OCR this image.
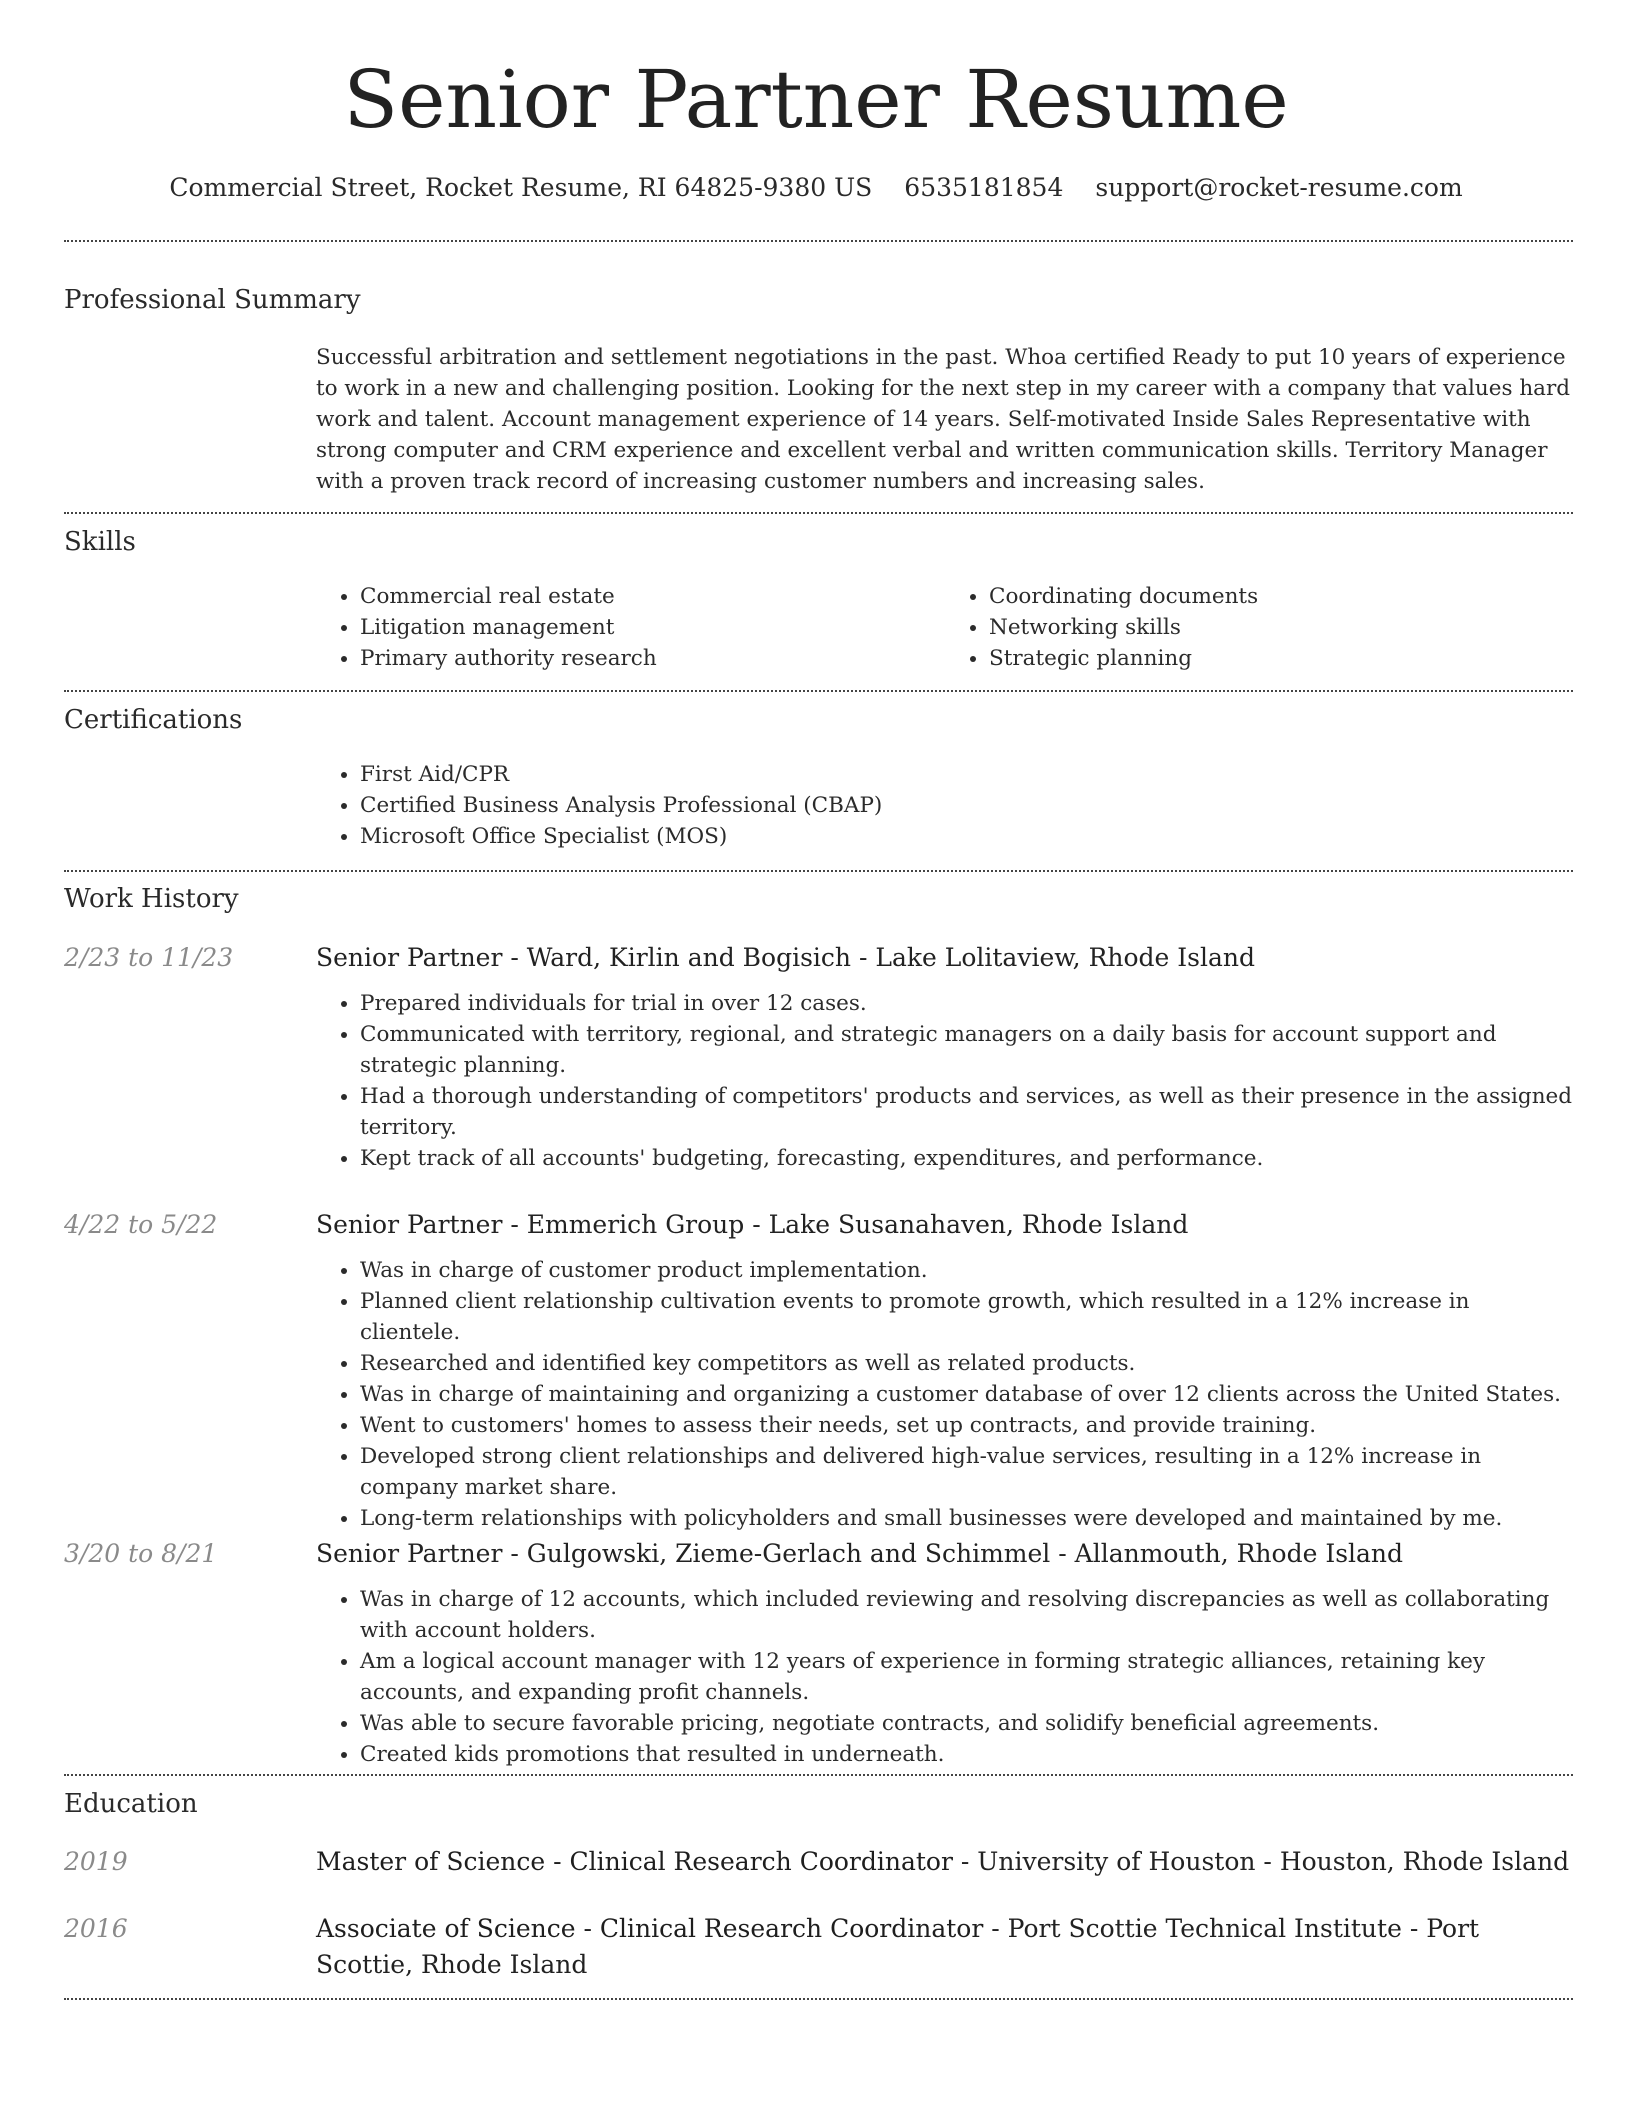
Senior Partner Resume
Commercial Street, Rocket Resume, RI 64825-9380 US 6535181854 support@rocket-resume.com
Professional Summary

Successful arbitration and settlement negotiations in the past. Whoa certified Ready to put 10 years of experience to work in a new and challenging position. Looking for the next step in my career with a company that values hard work and talent. Account management experience of 14 years. Self-motivated Inside Sales Representative with strong computer and CRM experience and excellent verbal and written communication skills. Territory Manager with a proven track record of increasing customer numbers and increasing sales.

Skills
• Commercial real estate
• Litigation management
• Primary authority research
• Coordinating documents
• Networking skills
• Strategic planning
Certifications
• First Aid/CPR
• Certified Business Analysis Professional (CBAP)
• Microsoft Office Specialist (MOS)
Work History
2/23 to 11/23	Senior Partner - Ward, Kirlin and Bogisich - Lake Lolitaview, Rhode Island

• Prepared individuals for trial in over 12 cases.
• Communicated with territory, regional, and strategic managers on a daily basis for account support and strategic planning.
• Had a thorough understanding of competitors' products and services, as well as their presence in the assigned territory.
• Kept track of all accounts' budgeting, forecasting, expenditures, and performance.
4/22 to 5/22	Senior Partner - Emmerich Group - Lake Susanahaven, Rhode Island

• Was in charge of customer product implementation.
• Planned client relationship cultivation events to promote growth, which resulted in a 12% increase in clientele.
• Researched and identified key competitors as well as related products.
• Was in charge of maintaining and organizing a customer database of over 12 clients across the United States.
• Went to customers' homes to assess their needs, set up contracts, and provide training.
• Developed strong client relationships and delivered high-value services, resulting in a 12% increase in company market share.
• Long-term relationships with policyholders and small businesses were developed and maintained by me.
3/20 to 8/21	Senior Partner - Gulgowski, Zieme-Gerlach and Schimmel - Allanmouth, Rhode Island

• Was in charge of 12 accounts, which included reviewing and resolving discrepancies as well as collaborating with account holders.
• Am a logical account manager with 12 years of experience in forming strategic alliances, retaining key accounts, and expanding profit channels.
• Was able to secure favorable pricing, negotiate contracts, and solidify beneficial agreements.
• Created kids promotions that resulted in underneath.
Education
2019	Master of Science - Clinical Research Coordinator - University of Houston - Houston, Rhode Island

2016	Associate of Science - Clinical Research Coordinator - Port Scottie Technical Institute - Port Scottie, Rhode Island
